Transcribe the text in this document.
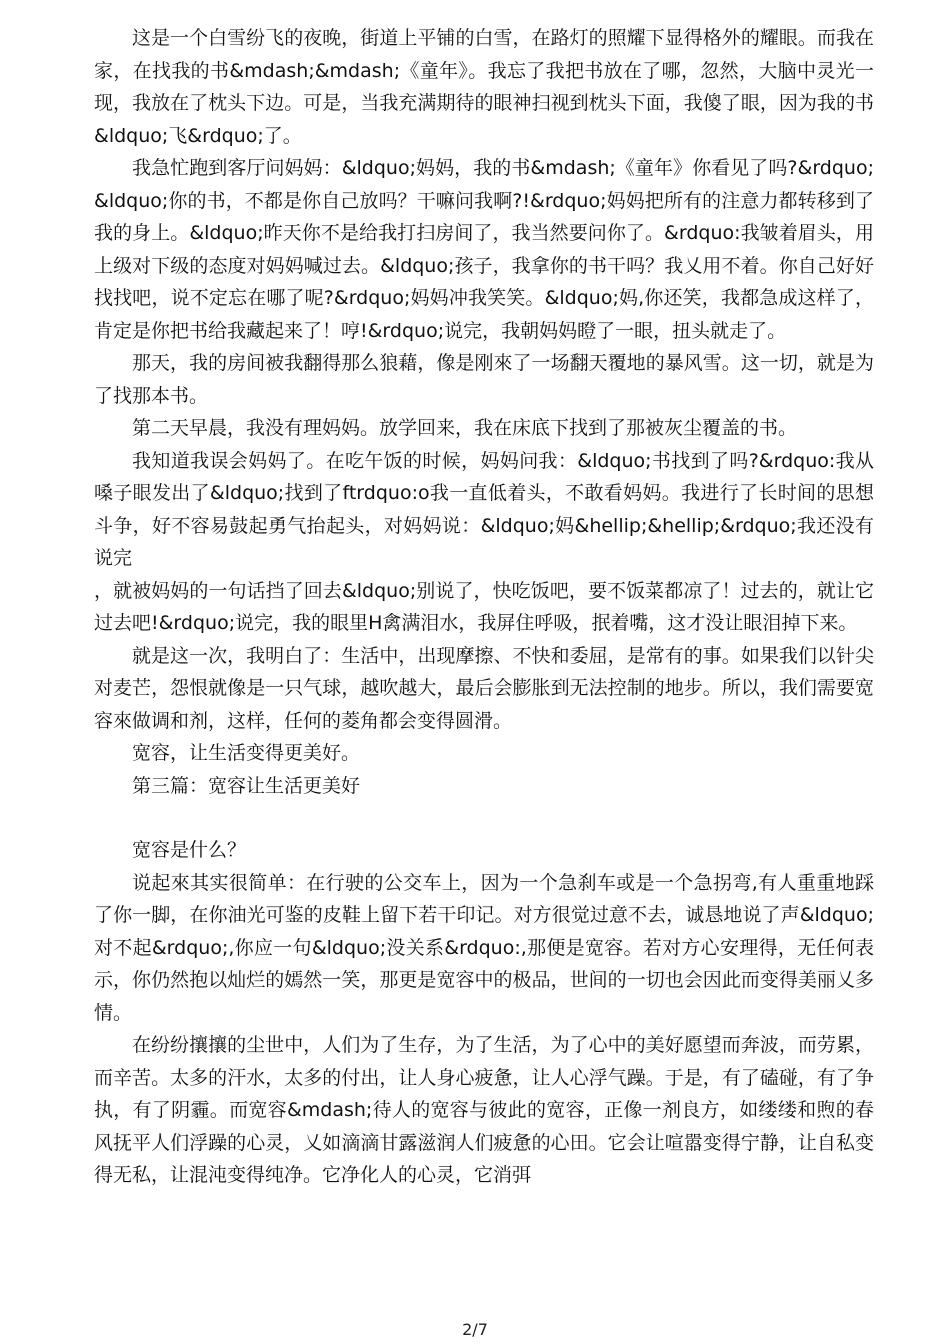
这是一个白雪纷飞的夜晚，街道上平铺的白雪，在路灯的照耀下显得格外的耀眼。而我在家，在找我的书&mdash;&mdash;《童年》。我忘了我把书放在了哪，忽然，大脑中灵光一现，我放在了枕头下边。可是，当我充满期待的眼神扫视到枕头下面，我傻了眼，因为我的书&ldquo;飞&rdquo;了。

我急忙跑到客厅问妈妈：&ldquo;妈妈，我的书&mdash;《童年》你看见了吗?&rdquo;&ldquo;你的书，不都是你自己放吗？干嘛问我啊?!&rdquo;妈妈把所有的注意力都转移到了我的身上。&ldquo;昨天你不是给我打扫房间了，我当然要问你了。&rdquo:我皱着眉头，用上级对下级的态度对妈妈喊过去。&ldquo;孩子，我拿你的书干吗？我乂用不着。你自己好好找找吧，说不定忘在哪了呢?&rdquo;妈妈冲我笑笑。&ldquo;妈,你还笑，我都急成这样了，肯定是你把书给我藏起来了！哼!&rdquo;说完，我朝妈妈瞪了一眼，扭头就走了。

那天，我的房间被我翻得那么狼藉，像是刚來了一场翻天覆地的暴风雪。这一切，就是为了找那本书。

第二天早晨，我没有理妈妈。放学回来，我在床底下找到了那被灰尘覆盖的书。

我知道我误会妈妈了。在吃午饭的时候，妈妈问我：&ldquo;书找到了吗?&rdquo:我从嗓子眼发出了&ldquo;找到了ftrdquo:o我一直低着头，不敢看妈妈。我进行了长时间的思想斗争，好不容易鼓起勇气抬起头，对妈妈说：&ldquo;妈&hellip;&hellip;&rdquo;我还没有说完

，就被妈妈的一句话挡了回去&ldquo;别说了，快吃饭吧，要不饭菜都凉了！过去的，就让它过去吧!&rdquo;说完，我的眼里H禽满泪水，我屏住呼吸，抿着嘴，这才没让眼泪掉下来。

就是这一次，我明白了：生活中，出现摩擦、不快和委屈，是常有的事。如果我们以针尖对麦芒，怨恨就像是一只气球，越吹越大，最后会膨胀到无法控制的地步。所以，我们需要宽容來做调和剂，这样，任何的菱角都会变得圆滑。

宽容，让生活变得更美好。

第三篇：宽容让生活更美好

宽容是什么？

说起來其实很简单：在行驶的公交车上，因为一个急刹车或是一个急拐弯,有人重重地踩了你一脚，在你油光可鉴的皮鞋上留下若干印记。对方很觉过意不去，诚恳地说了声&ldquo;对不起&rdquo;,你应一句&ldquo;没关系&rdquo:,那便是宽容。若对方心安理得，无任何表示，你仍然抱以灿烂的嫣然一笑，那更是宽容中的极品，世间的一切也会因此而变得美丽乂多情。

在纷纷攘攘的尘世中，人们为了生存，为了生活，为了心中的美好愿望而奔波，而劳累，而辛苦。太多的汗水，太多的付出，让人身心疲惫，让人心浮气躁。于是，有了磕碰，有了争执，有了阴霾。而宽容&mdash;待人的宽容与彼此的宽容，正像一剂良方，如缕缕和煦的春风抚平人们浮躁的心灵，乂如滴滴甘露滋润人们疲惫的心田。它会让喧嚣变得宁静，让自私变得无私，让混沌变得纯净。它净化人的心灵，它消弭

2/7
